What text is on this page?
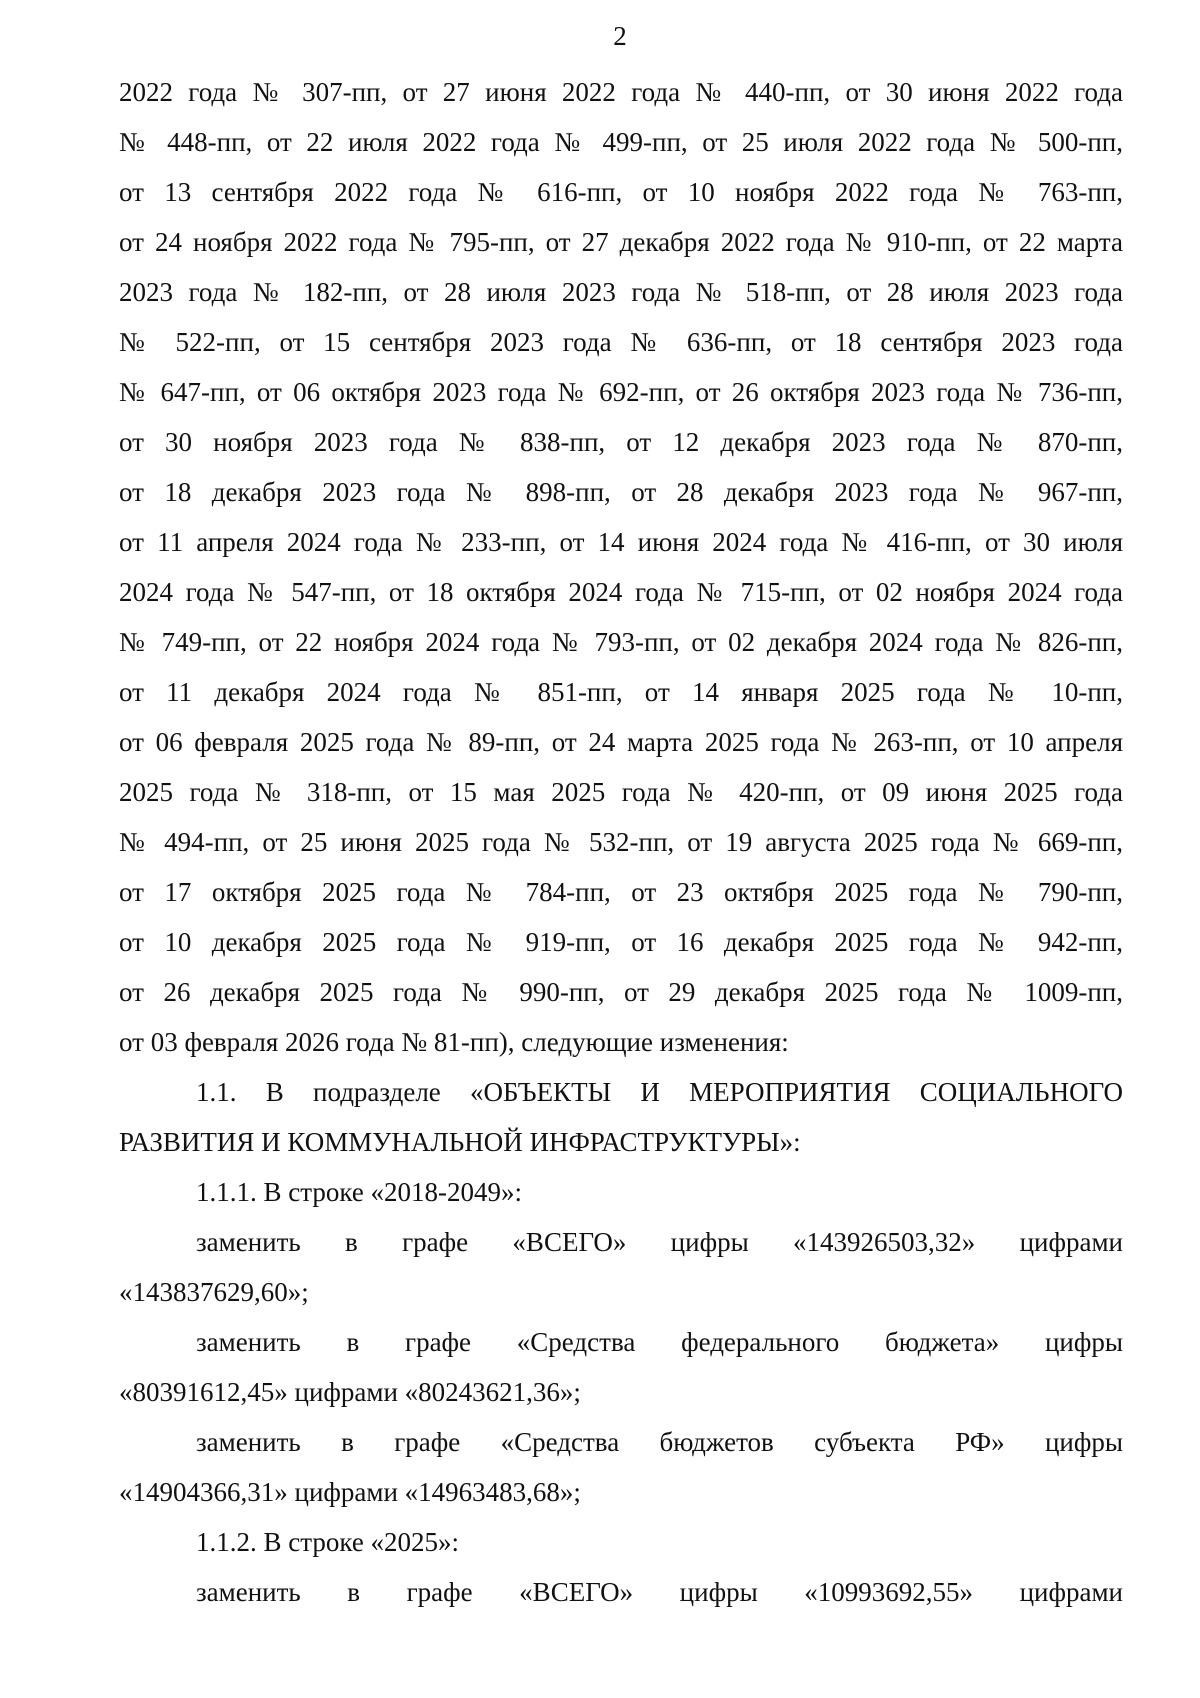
2
2022 года № 307-пп, от 27 июня 2022 года № 440-пп, от 30 июня 2022 года
№ 448-пп, от 22 июля 2022 года № 499-пп, от 25 июля 2022 года № 500-пп,
от 13 сентября 2022 года № 616-пп, от 10 ноября 2022 года № 763-пп,
от 24 ноября 2022 года № 795-пп, от 27 декабря 2022 года № 910-пп, от 22 марта
2023 года № 182-пп, от 28 июля 2023 года № 518-пп, от 28 июля 2023 года
№ 522-пп, от 15 сентября 2023 года № 636-пп, от 18 сентября 2023 года
№ 647-пп, от 06 октября 2023 года № 692-пп, от 26 октября 2023 года № 736-пп,
от 30 ноября 2023 года № 838-пп, от 12 декабря 2023 года № 870-пп,
от 18 декабря 2023 года № 898-пп, от 28 декабря 2023 года № 967-пп,
от 11 апреля 2024 года № 233-пп, от 14 июня 2024 года № 416-пп, от 30 июля
2024 года № 547-пп, от 18 октября 2024 года № 715-пп, от 02 ноября 2024 года
№ 749-пп, от 22 ноября 2024 года № 793-пп, от 02 декабря 2024 года № 826-пп,
от 11 декабря 2024 года № 851-пп, от 14 января 2025 года № 10-пп,
от 06 февраля 2025 года № 89-пп, от 24 марта 2025 года № 263-пп, от 10 апреля
2025 года № 318-пп, от 15 мая 2025 года № 420-пп, от 09 июня 2025 года
№ 494-пп, от 25 июня 2025 года № 532-пп, от 19 августа 2025 года № 669-пп,
от 17 октября 2025 года № 784-пп, от 23 октября 2025 года № 790-пп,
от 10 декабря 2025 года № 919-пп, от 16 декабря 2025 года № 942-пп,
от 26 декабря 2025 года № 990-пп, от 29 декабря 2025 года № 1009-пп,
от 03 февраля 2026 года № 81-пп), следующие изменения:
1.1. В подразделе «ОБЪЕКТЫ И МЕРОПРИЯТИЯ СОЦИАЛЬНОГО
РАЗВИТИЯ И КОММУНАЛЬНОЙ ИНФРАСТРУКТУРЫ»:
1.1.1. В строке «2018-2049»:
заменить в графе «ВСЕГО» цифры «143926503,32» цифрами
«143837629,60»;
заменить в графе «Средства федерального бюджета» цифры
«80391612,45» цифрами «80243621,36»;
заменить в графе «Средства бюджетов субъекта РФ» цифры
«14904366,31» цифрами «14963483,68»;
1.1.2. В строке «2025»:
заменить в графе «ВСЕГО» цифры «10993692,55» цифрами
